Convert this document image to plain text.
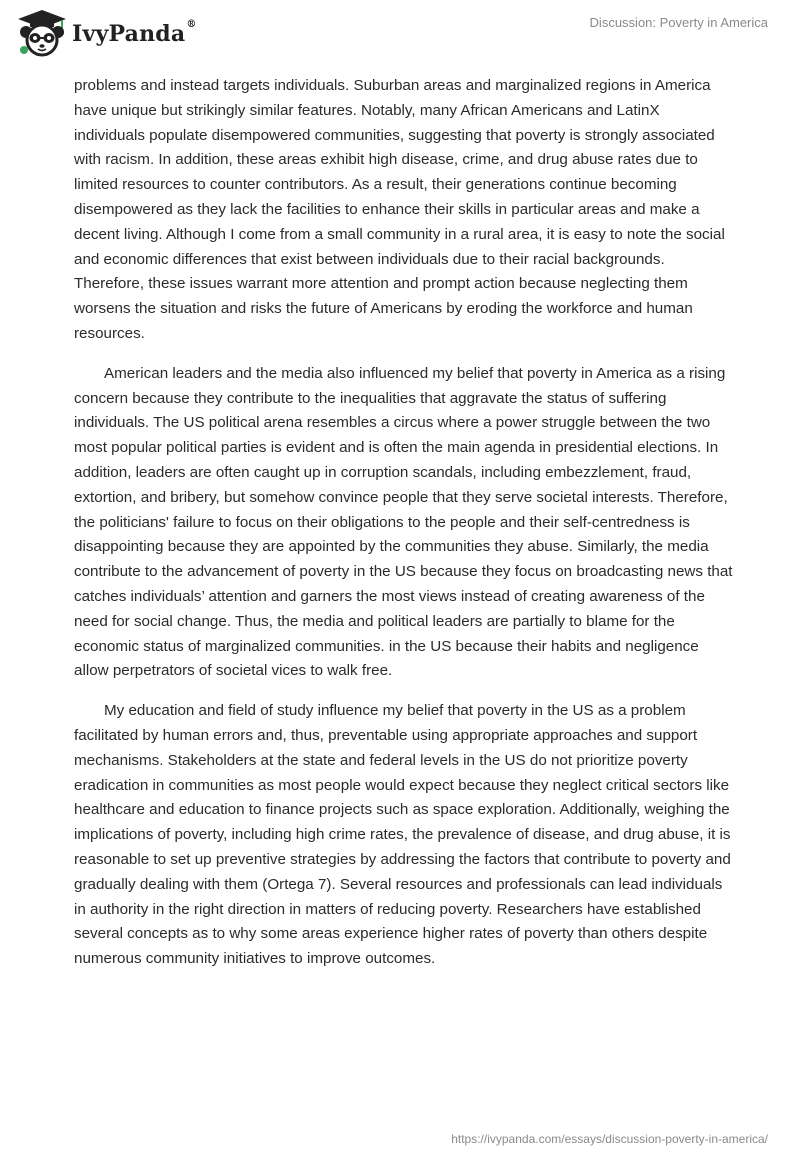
IvyPanda ®	Discussion: Poverty in America

problems and instead targets individuals. Suburban areas and marginalized regions in America have unique but strikingly similar features. Notably, many African Americans and LatinX individuals populate disempowered communities, suggesting that poverty is strongly associated with racism. In addition, these areas exhibit high disease, crime, and drug abuse rates due to limited resources to counter contributors. As a result, their generations continue becoming disempowered as they lack the facilities to enhance their skills in particular areas and make a decent living. Although I come from a small community in a rural area, it is easy to note the social and economic differences that exist between individuals due to their racial backgrounds. Therefore, these issues warrant more attention and prompt action because neglecting them worsens the situation and risks the future of Americans by eroding the workforce and human resources.

American leaders and the media also influenced my belief that poverty in America as a rising concern because they contribute to the inequalities that aggravate the status of suffering individuals. The US political arena resembles a circus where a power struggle between the two most popular political parties is evident and is often the main agenda in presidential elections. In addition, leaders are often caught up in corruption scandals, including embezzlement, fraud, extortion, and bribery, but somehow convince people that they serve societal interests. Therefore, the politicians' failure to focus on their obligations to the people and their self-centredness is disappointing because they are appointed by the communities they abuse. Similarly, the media contribute to the advancement of poverty in the US because they focus on broadcasting news that catches individuals’ attention and garners the most views instead of creating awareness of the need for social change. Thus, the media and political leaders are partially to blame for the economic status of marginalized communities. in the US because their habits and negligence allow perpetrators of societal vices to walk free.

My education and field of study influence my belief that poverty in the US as a problem facilitated by human errors and, thus, preventable using appropriate approaches and support mechanisms. Stakeholders at the state and federal levels in the US do not prioritize poverty eradication in communities as most people would expect because they neglect critical sectors like healthcare and education to finance projects such as space exploration. Additionally, weighing the implications of poverty, including high crime rates, the prevalence of disease, and drug abuse, it is reasonable to set up preventive strategies by addressing the factors that contribute to poverty and gradually dealing with them (Ortega 7). Several resources and professionals can lead individuals in authority in the right direction in matters of reducing poverty. Researchers have established several concepts as to why some areas experience higher rates of poverty than others despite numerous community initiatives to improve outcomes.

https://ivypanda.com/essays/discussion-poverty-in-america/
